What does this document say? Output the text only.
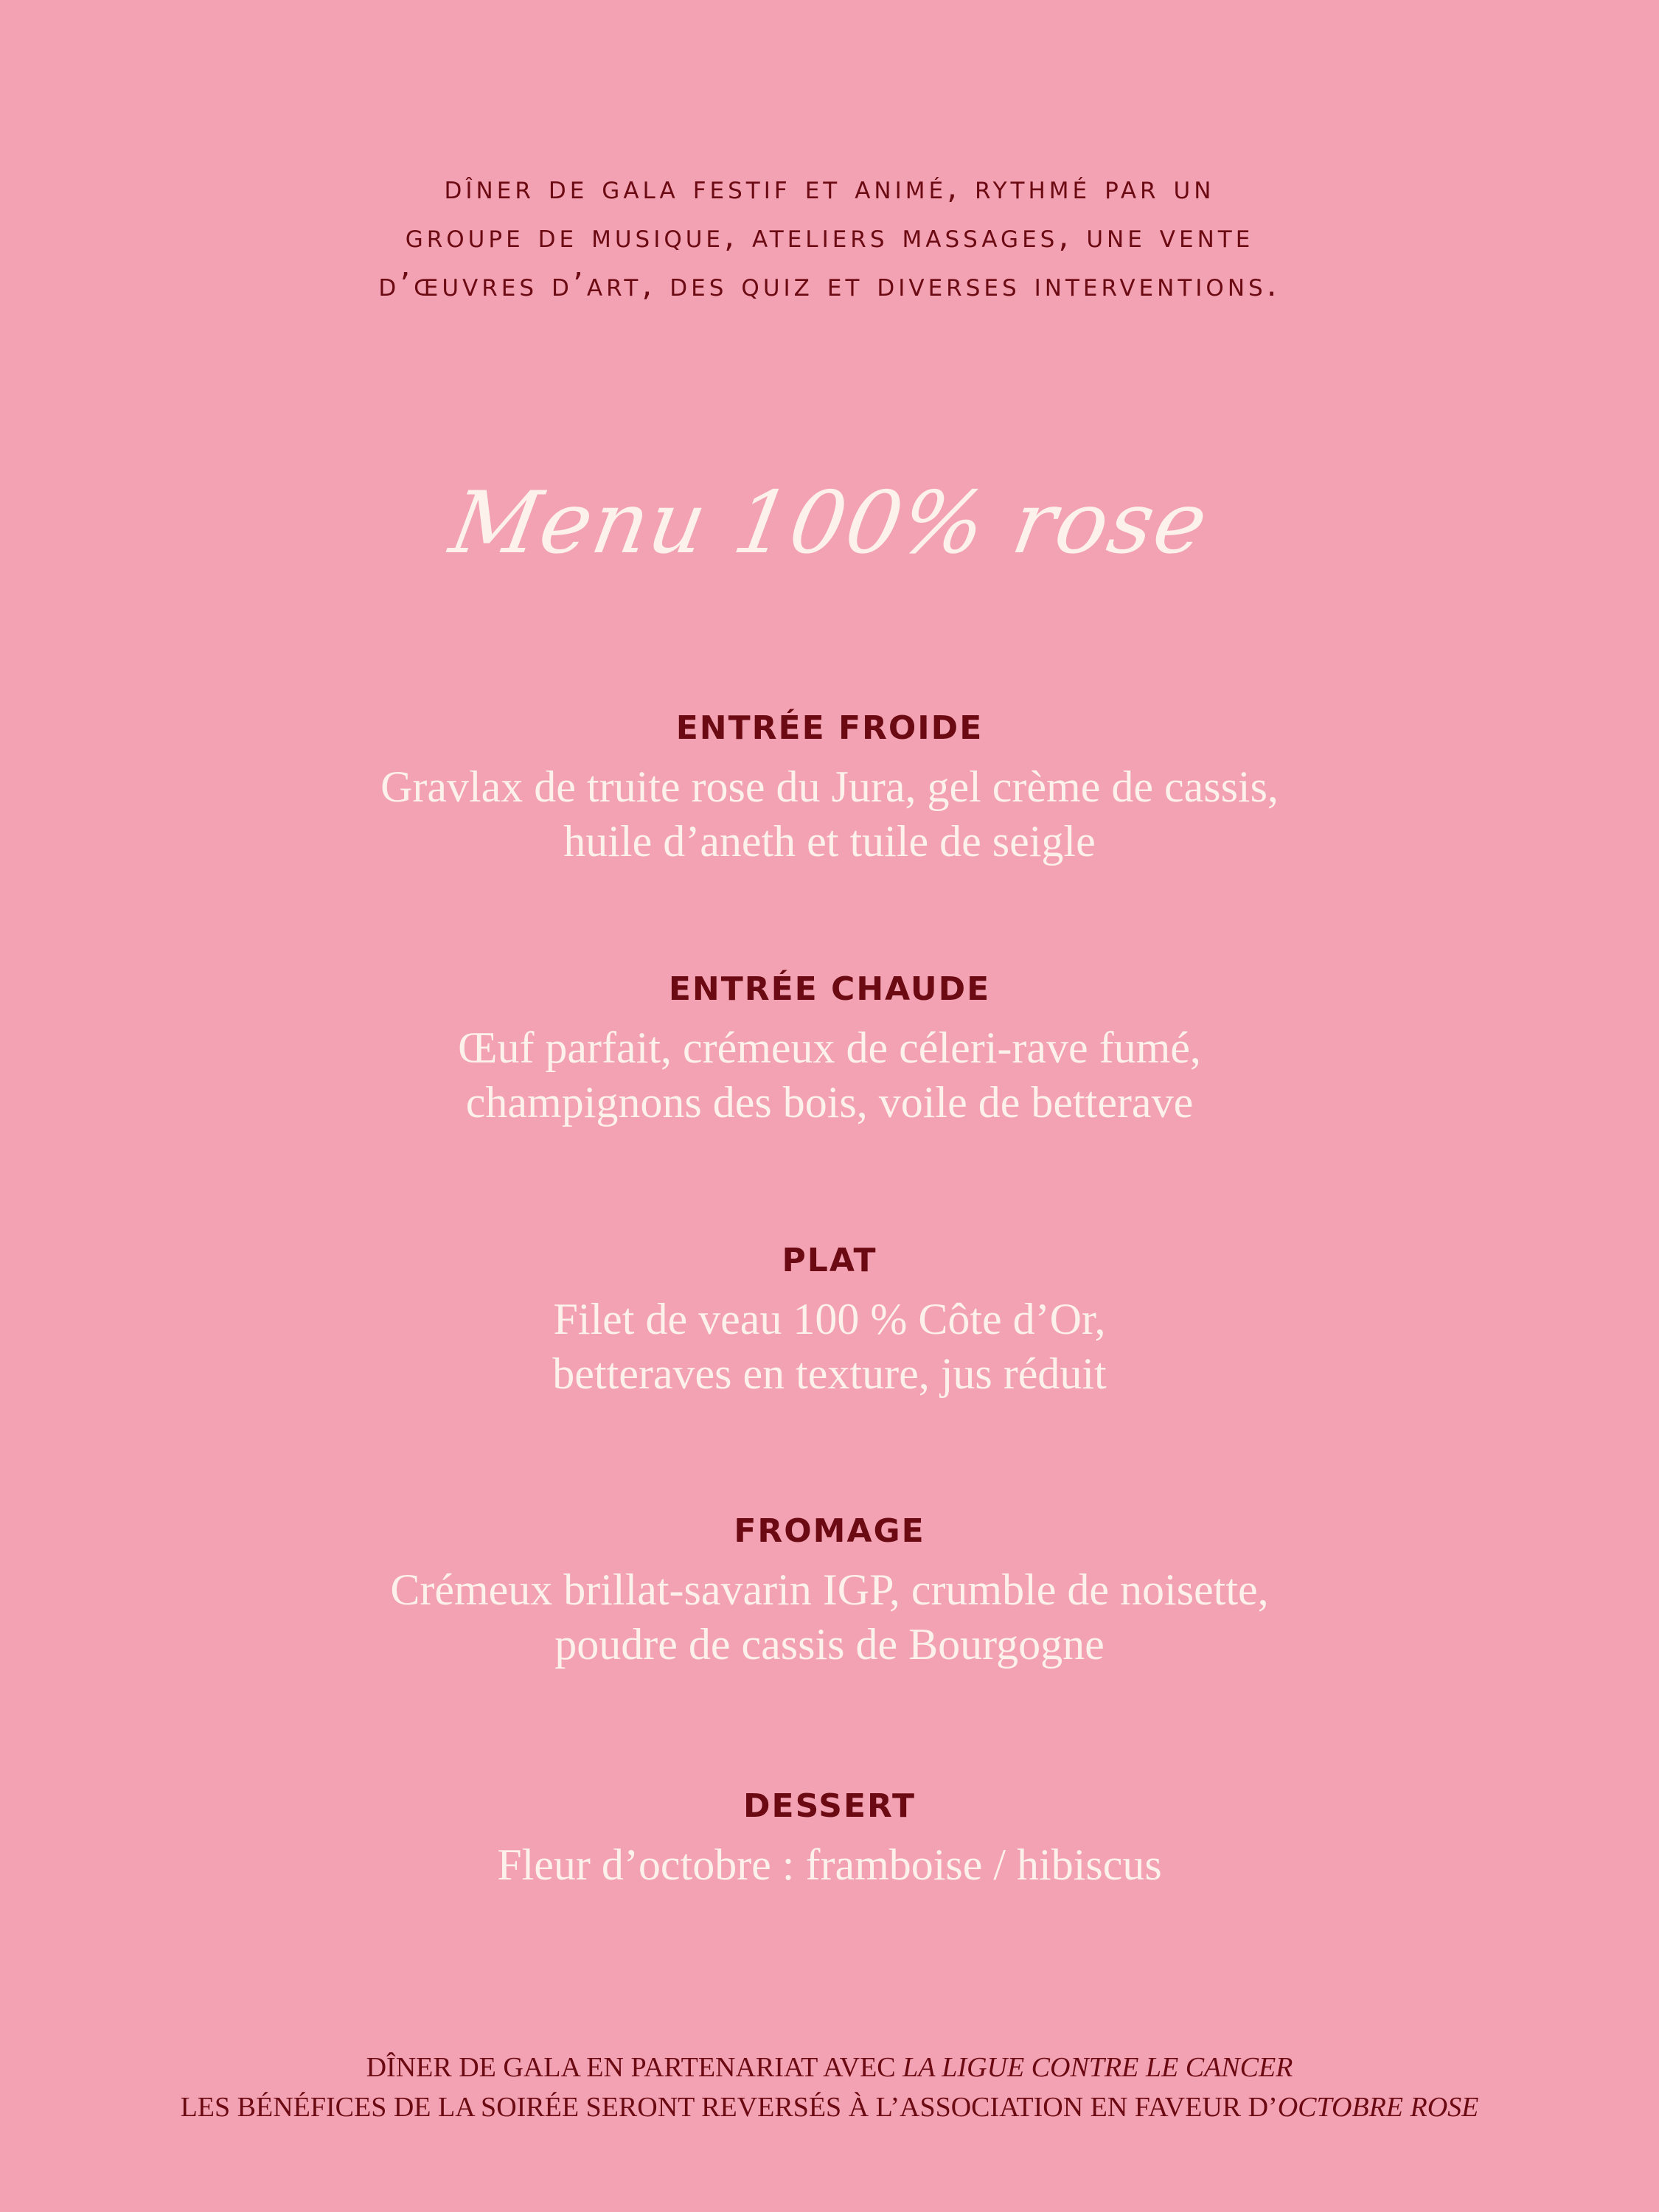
dîner de gala festif et animé, rythmé par un
groupe de musique, ateliers massages, une vente
d’œuvres d’art, des quiz et diverses interventions.
Menu 100% rose
ENTRÉE FROIDE
Gravlax de truite rose du Jura, gel crème de cassis,
huile d’aneth et tuile de seigle
ENTRÉE CHAUDE
Œuf parfait, crémeux de céleri-rave fumé,
champignons des bois, voile de betterave
PLAT
Filet de veau 100 % Côte d’Or,
betteraves en texture, jus réduit
FROMAGE
Crémeux brillat-savarin IGP, crumble de noisette,
poudre de cassis de Bourgogne
DESSERT
Fleur d’octobre : framboise / hibiscus
DÎNER DE GALA EN PARTENARIAT AVEC LA LIGUE CONTRE LE CANCER
LES BÉNÉFICES DE LA SOIRÉE SERONT REVERSÉS À L’ASSOCIATION EN FAVEUR D’OCTOBRE ROSE
